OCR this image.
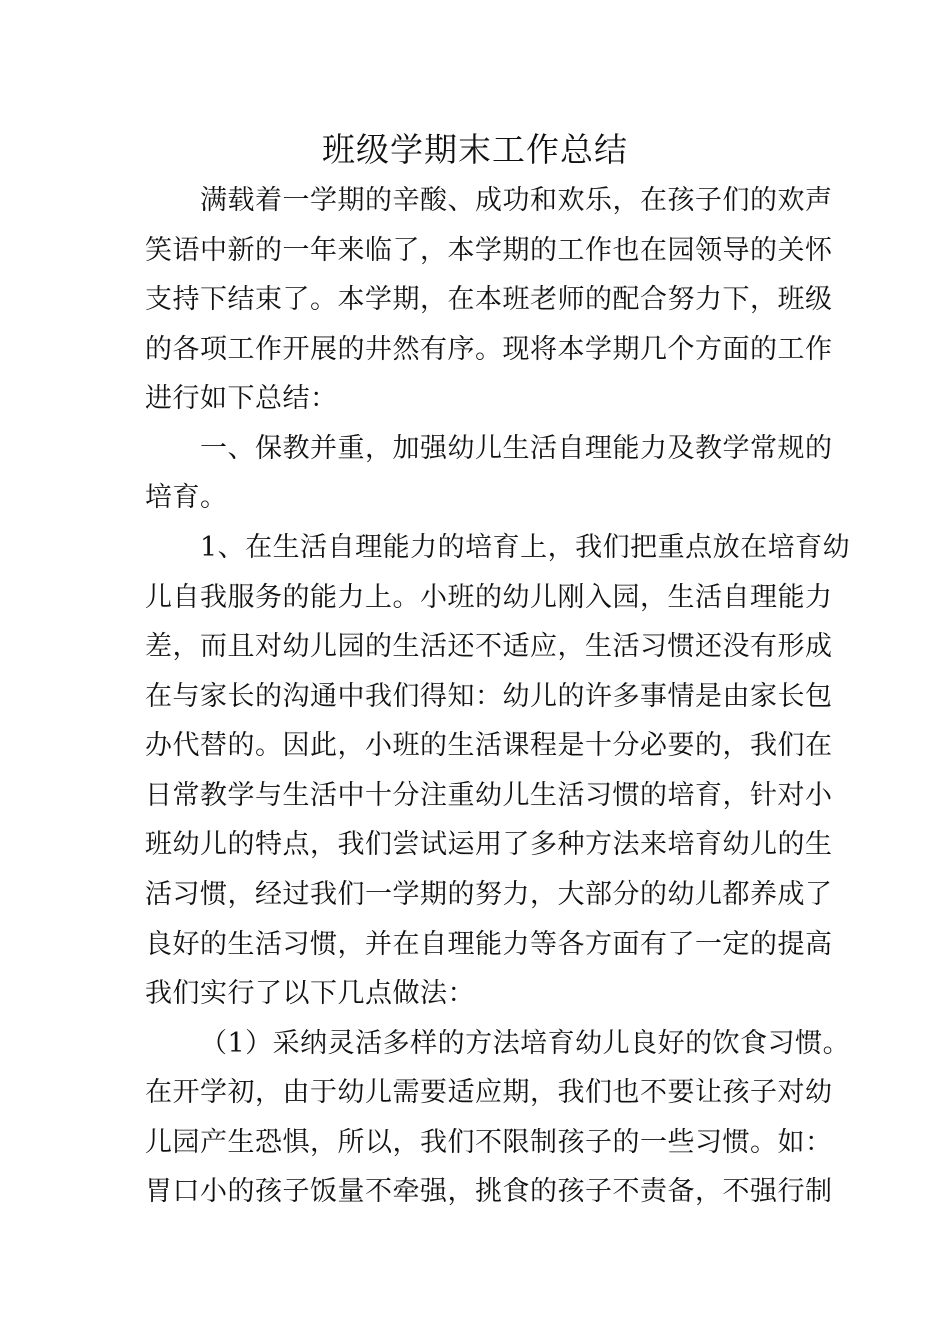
班级学期末工作总结

满载着一学期的辛酸、成功和欢乐，在孩子们的欢声

笑语中新的一年来临了，本学期的工作也在园领导的关怀

支持下结束了。本学期，在本班老师的配合努力下，班级

的各项工作开展的井然有序。现将本学期几个方面的工作

进行如下总结：

一、保教并重，加强幼儿生活自理能力及教学常规的

培育。

1、在生活自理能力的培育上，我们把重点放在培育幼

儿自我服务的能力上。小班的幼儿刚入园，生活自理能力

差，而且对幼儿园的生活还不适应，生活习惯还没有形成

在与家长的沟通中我们得知：幼儿的许多事情是由家长包

办代替的。因此，小班的生活课程是十分必要的，我们在

日常教学与生活中十分注重幼儿生活习惯的培育，针对小

班幼儿的特点，我们尝试运用了多种方法来培育幼儿的生

活习惯，经过我们一学期的努力，大部分的幼儿都养成了

良好的生活习惯，并在自理能力等各方面有了一定的提高

我们实行了以下几点做法：

（1）采纳灵活多样的方法培育幼儿良好的饮食习惯。

在开学初，由于幼儿需要适应期，我们也不要让孩子对幼

儿园产生恐惧，所以，我们不限制孩子的一些习惯。如：

胃口小的孩子饭量不牵强，挑食的孩子不责备，不强行制
